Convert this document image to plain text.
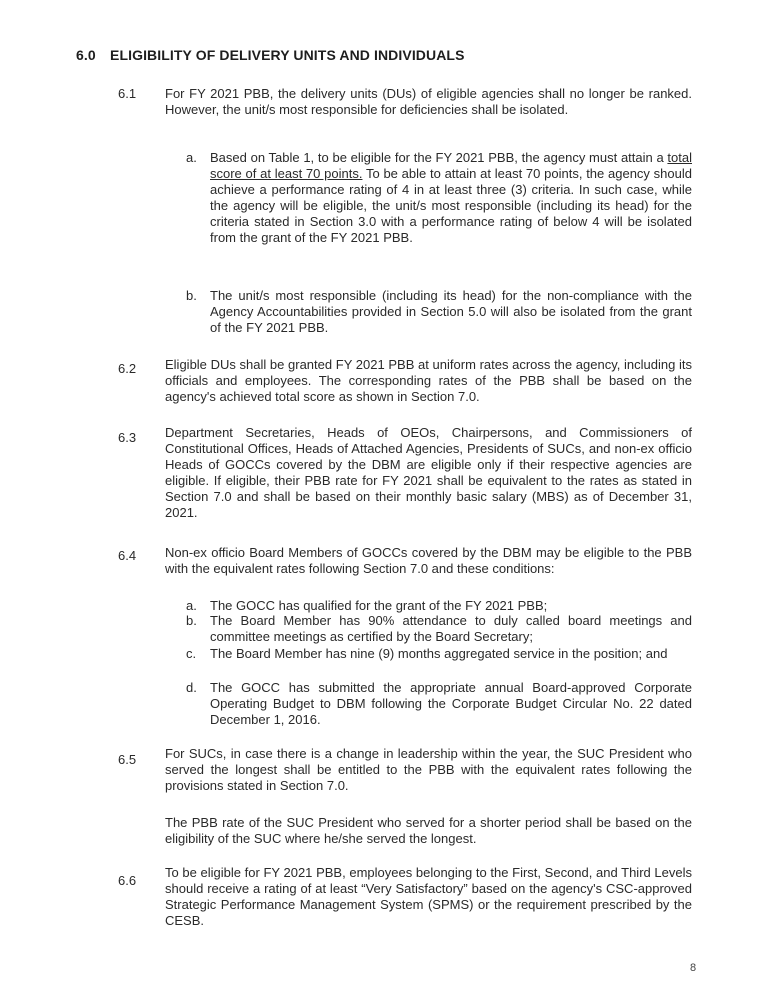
6.0 ELIGIBILITY OF DELIVERY UNITS AND INDIVIDUALS
6.1 For FY 2021 PBB, the delivery units (DUs) of eligible agencies shall no longer be ranked. However, the unit/s most responsible for deficiencies shall be isolated.
a.	Based on Table 1, to be eligible for the FY 2021 PBB, the agency must attain a total score of at least 70 points. To be able to attain at least 70 points, the agency should achieve a performance rating of 4 in at least three (3) criteria. In such case, while the agency will be eligible, the unit/s most responsible (including its head) for the criteria stated in Section 3.0 with a performance rating of below 4 will be isolated from the grant of the FY 2021 PBB.
b.	The unit/s most responsible (including its head) for the non-compliance with the Agency Accountabilities provided in Section 5.0 will also be isolated from the grant of the FY 2021 PBB.
6.2 Eligible DUs shall be granted FY 2021 PBB at uniform rates across the agency, including its officials and employees. The corresponding rates of the PBB shall be based on the agency's achieved total score as shown in Section 7.0.
6.3 Department Secretaries, Heads of OEOs, Chairpersons, and Commissioners of Constitutional Offices, Heads of Attached Agencies, Presidents of SUCs, and non-ex officio Heads of GOCCs covered by the DBM are eligible only if their respective agencies are eligible. If eligible, their PBB rate for FY 2021 shall be equivalent to the rates as stated in Section 7.0 and shall be based on their monthly basic salary (MBS) as of December 31, 2021.
6.4 Non-ex officio Board Members of GOCCs covered by the DBM may be eligible to the PBB with the equivalent rates following Section 7.0 and these conditions:
a.	The GOCC has qualified for the grant of the FY 2021 PBB;
b.	The Board Member has 90% attendance to duly called board meetings and committee meetings as certified by the Board Secretary;
c.	The Board Member has nine (9) months aggregated service in the position; and
d.	The GOCC has submitted the appropriate annual Board-approved Corporate Operating Budget to DBM following the Corporate Budget Circular No. 22 dated December 1, 2016.
6.5 For SUCs, in case there is a change in leadership within the year, the SUC President who served the longest shall be entitled to the PBB with the equivalent rates following the provisions stated in Section 7.0.
The PBB rate of the SUC President who served for a shorter period shall be based on the eligibility of the SUC where he/she served the longest.
6.6
To be eligible for FY 2021 PBB, employees belonging to the First, Second, and Third Levels should receive a rating of at least “Very Satisfactory” based on the agency's CSC-approved Strategic Performance Management System (SPMS) or the requirement prescribed by the CESB.
8
